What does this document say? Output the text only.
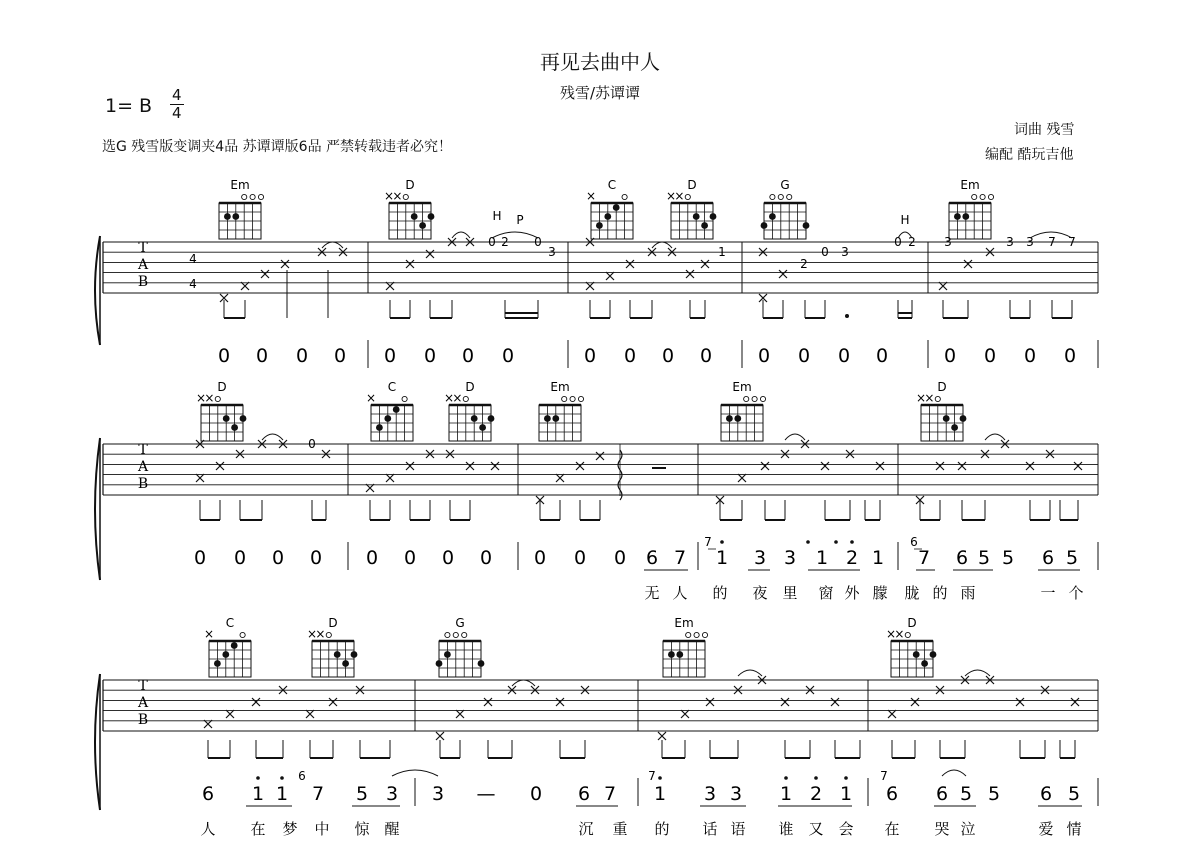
再见去曲中人
残雪/苏谭谭
1= B 4
4
选G 残雪版变调夹4品 苏谭谭版6品 严禁转载违者必究！
词曲 残雪
编配 酷玩吉他
T
A
B
4
4
Em	D
×
×
C
×
D
×
×
G	Em
0 2 0
3	1
2
0 3
0 2 3	3 3 7 7
H P	H
0 0 0 0 0 0 0 0	0 0 0 0 0 0 0 0	0 0 0 0
T
A
B
D
×
×
C
×
D
×
×
Em	Em	D
×
×
0
0 0 0 0 0 0 0 0 0 0 0 6 7 1 3 3 1 2 1 7 6 5 5 6 5
7	6
无 人 的 夜 里 窗 外 朦 胧 的 雨	一 个
T
A
B
C
×
D
×
×
G	Em	D
×
×
6 1 1 7 5 3 3 — 0 6 7 1 3 3 1 2 1 6 6 5 5 6 5
6	7	7
人 在 梦 中 惊 醒	沉 重 的 话 语 谁 又 会 在 哭 泣	爱 情
